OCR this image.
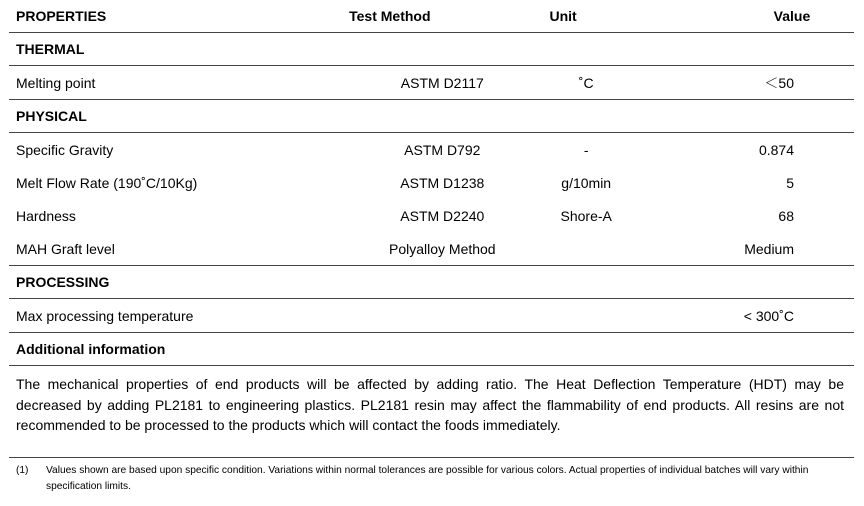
PROPERTIES	Test Method	Unit	Value
THERMAL			
Melting point	ASTM D2117	˚C	＜50
PHYSICAL			
Specific Gravity	ASTM D792	-	0.874
Melt Flow Rate (190˚C/10Kg)	ASTM D1238	g/10min	5
Hardness	ASTM D2240	Shore-A	68
MAH Graft level	Polyalloy Method		Medium
PROCESSING			
Max processing temperature			< 300˚C
Additional information			
The mechanical properties of end products will be affected by adding ratio. The Heat Deflection Temperature (HDT) may be decreased by adding PL2181 to engineering plastics. PL2181 resin may affect the flammability of end products. All resins are not recommended to be processed to the products which will contact the foods immediately.
(1) Values shown are based upon specific condition. Variations within normal tolerances are possible for various colors. Actual properties of individual batches will vary within specification limits.
